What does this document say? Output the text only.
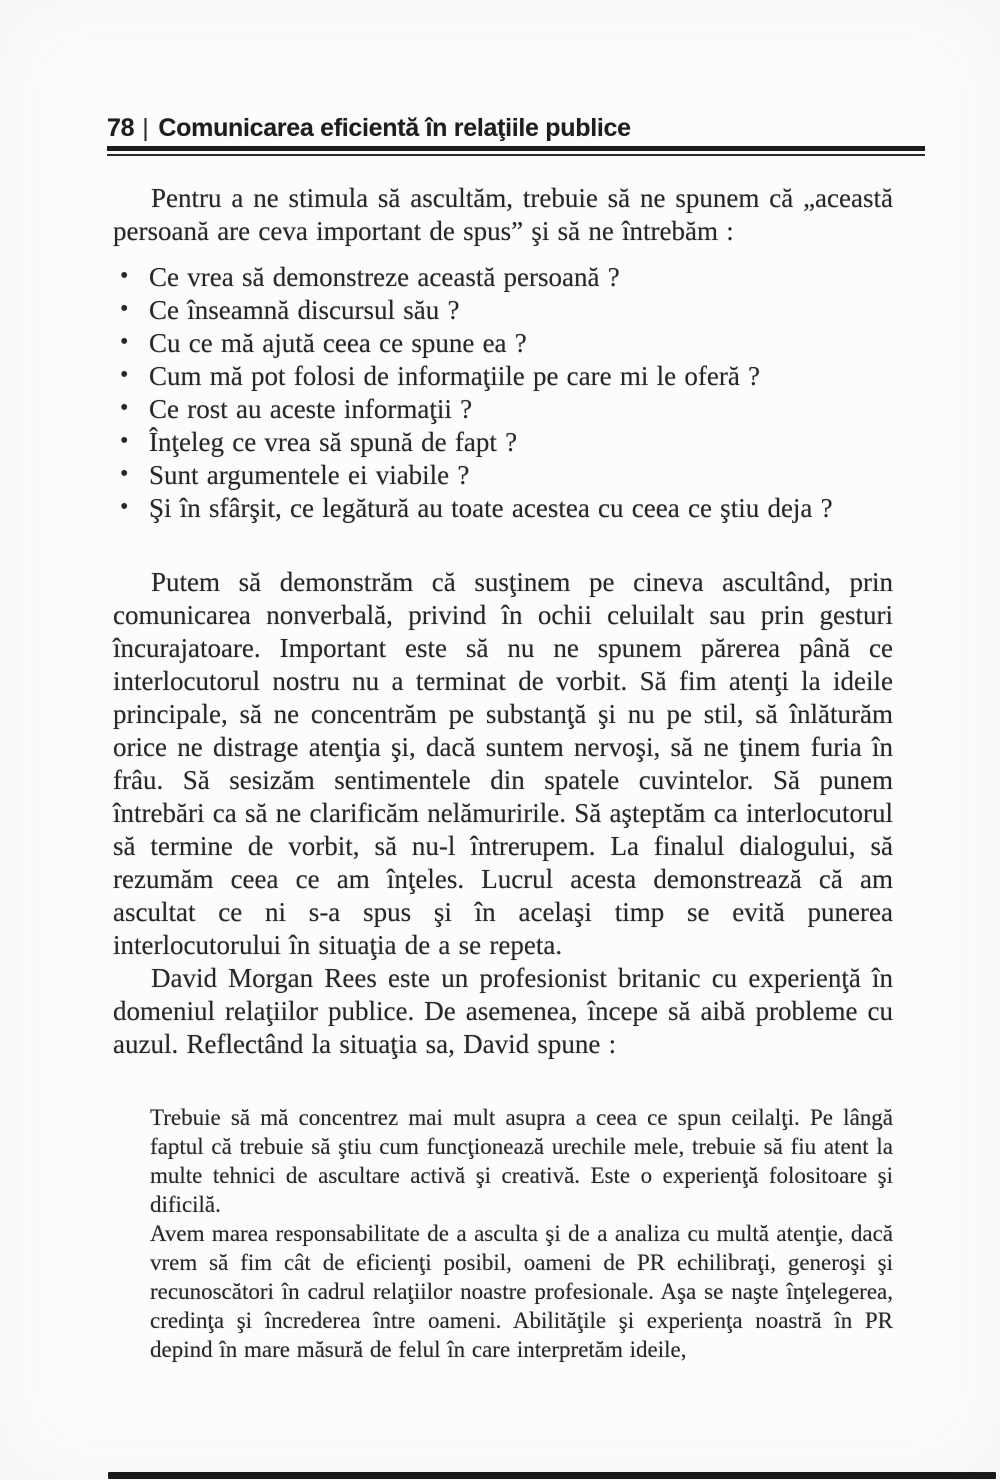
78 | Comunicarea eficientă în relaţiile publice

Pentru a ne stimula să ascultăm, trebuie să ne spunem că „această persoană are ceva important de spus” şi să ne întrebăm :

• Ce vrea să demonstreze această persoană ?
• Ce înseamnă discursul său ?
• Cu ce mă ajută ceea ce spune ea ?
• Cum mă pot folosi de informaţiile pe care mi le oferă ?
• Ce rost au aceste informaţii ?
• Înţeleg ce vrea să spună de fapt ?
• Sunt argumentele ei viabile ?
• Şi în sfârşit, ce legătură au toate acestea cu ceea ce ştiu deja ?

Putem să demonstrăm că susţinem pe cineva ascultând, prin comunicarea nonverbală, privind în ochii celuilalt sau prin gesturi încurajatoare. Important este să nu ne spunem părerea până ce interlocutorul nostru nu a terminat de vorbit. Să fim atenţi la ideile principale, să ne concentrăm pe substanţă şi nu pe stil, să înlăturăm orice ne distrage atenţia şi, dacă suntem nervoşi, să ne ţinem furia în frâu. Să sesizăm sentimentele din spatele cuvintelor. Să punem întrebări ca să ne clarificăm nelămuririle. Să aşteptăm ca interlocutorul să termine de vorbit, să nu-l întrerupem. La finalul dialogului, să rezumăm ceea ce am înţeles. Lucrul acesta demonstrează că am ascultat ce ni s-a spus şi în acelaşi timp se evită punerea interlocutorului în situaţia de a se repeta.

David Morgan Rees este un profesionist britanic cu experienţă în domeniul relaţiilor publice. De asemenea, începe să aibă probleme cu auzul. Reflectând la situaţia sa, David spune :

Trebuie să mă concentrez mai mult asupra a ceea ce spun ceilalţi. Pe lângă faptul că trebuie să ştiu cum funcţionează urechile mele, trebuie să fiu atent la multe tehnici de ascultare activă şi creativă. Este o experienţă folositoare şi dificilă.

Avem marea responsabilitate de a asculta şi de a analiza cu multă atenţie, dacă vrem să fim cât de eficienţi posibil, oameni de PR echilibraţi, generoşi şi recunoscători în cadrul relaţiilor noastre profesionale. Aşa se naşte înţelegerea, credinţa şi încrederea între oameni. Abilităţile şi experienţa noastră în PR depind în mare măsură de felul în care interpretăm ideile,
